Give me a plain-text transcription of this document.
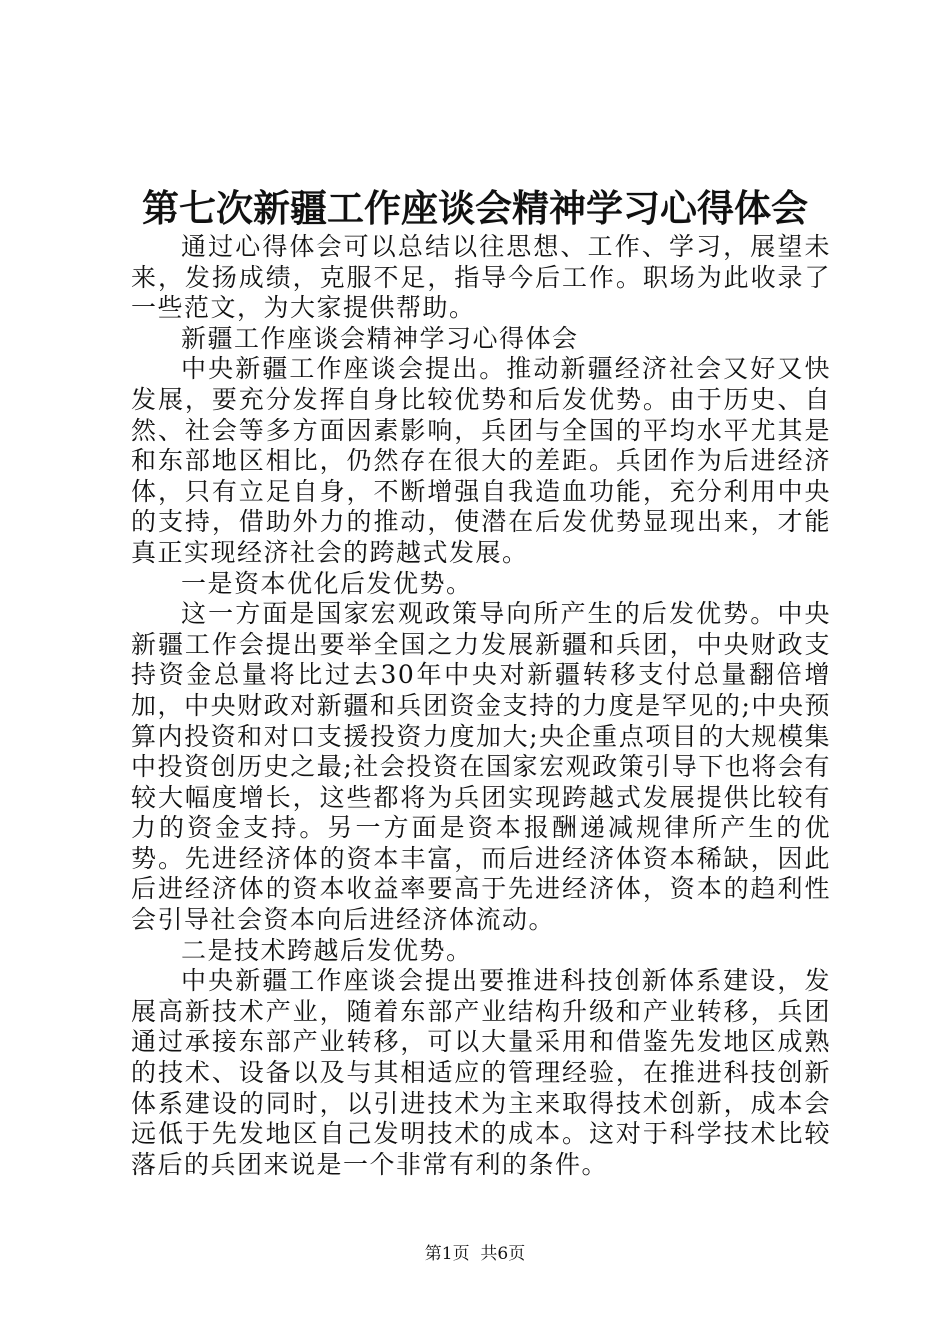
第七次新疆工作座谈会精神学习心得体会

通过心得体会可以总结以往思想、工作、学习，展望未来，发扬成绩，克服不足，指导今后工作。职场为此收录了一些范文，为大家提供帮助。

新疆工作座谈会精神学习心得体会

中央新疆工作座谈会提出。推动新疆经济社会又好又快发展，要充分发挥自身比较优势和后发优势。由于历史、自然、社会等多方面因素影响，兵团与全国的平均水平尤其是和东部地区相比，仍然存在很大的差距。兵团作为后进经济体，只有立足自身，不断增强自我造血功能，充分利用中央的支持，借助外力的推动，使潜在后发优势显现出来，才能真正实现经济社会的跨越式发展。

一是资本优化后发优势。

这一方面是国家宏观政策导向所产生的后发优势。中央新疆工作会提出要举全国之力发展新疆和兵团，中央财政支持资金总量将比过去30年中央对新疆转移支付总量翻倍增加，中央财政对新疆和兵团资金支持的力度是罕见的;中央预算内投资和对口支援投资力度加大;央企重点项目的大规模集中投资创历史之最;社会投资在国家宏观政策引导下也将会有较大幅度增长，这些都将为兵团实现跨越式发展提供比较有力的资金支持。另一方面是资本报酬递减规律所产生的优势。先进经济体的资本丰富，而后进经济体资本稀缺，因此后进经济体的资本收益率要高于先进经济体，资本的趋利性会引导社会资本向后进经济体流动。

二是技术跨越后发优势。

中央新疆工作座谈会提出要推进科技创新体系建设，发展高新技术产业，随着东部产业结构升级和产业转移，兵团通过承接东部产业转移，可以大量采用和借鉴先发地区成熟的技术、设备以及与其相适应的管理经验，在推进科技创新体系建设的同时，以引进技术为主来取得技术创新，成本会远低于先发地区自己发明技术的成本。这对于科学技术比较落后的兵团来说是一个非常有利的条件。

第1页  共6页
